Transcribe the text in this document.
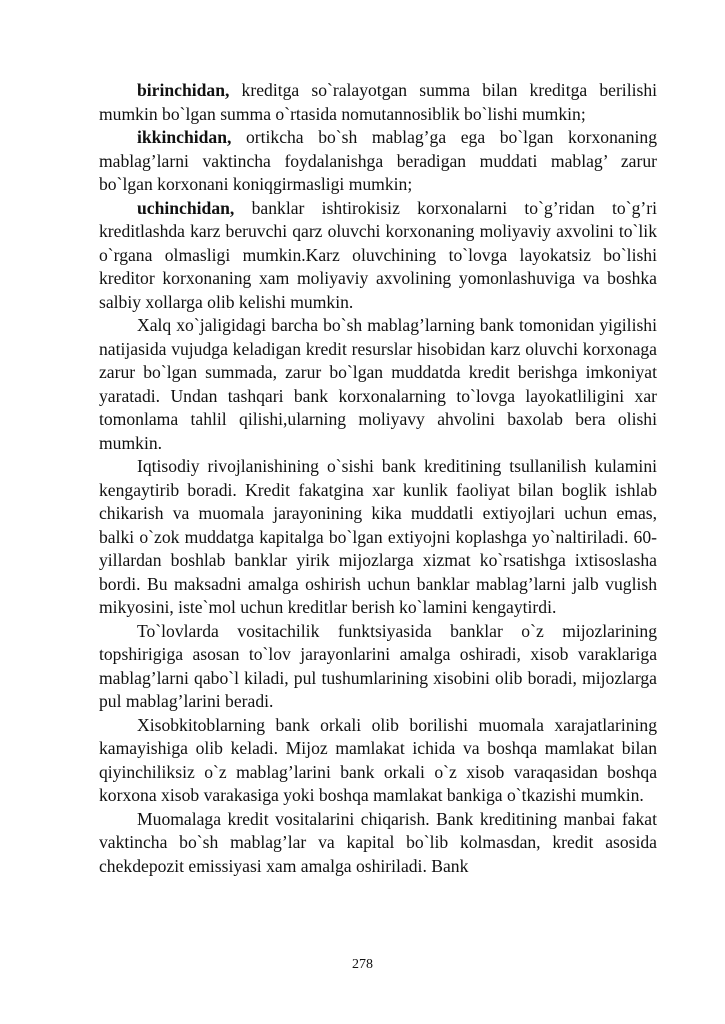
birinchidan, kreditga so`ralayotgan summa bilan kreditga berilishi mumkin bo`lgan summa o`rtasida nomutannosiblik bo`lishi mumkin;

ikkinchidan, ortikcha bo`sh mablag’ga ega bo`lgan korxonaning mablag’larni vaktincha foydalanishga beradigan muddati mablag’ zarur bo`lgan korxonani koniqgirmasligi mumkin;

uchinchidan, banklar ishtirokisiz korxonalarni to`g’ridan to`g’ri kreditlashda karz beruvchi qarz oluvchi korxonaning moliyaviy axvolini to`lik o`rgana olmasligi mumkin.Karz oluvchining to`lovga layokatsiz bo`lishi kreditor korxonaning xam moliyaviy axvolining yomonlashuviga va boshka salbiy xollarga olib kelishi mumkin.

Xalq xo`jaligidagi barcha bo`sh mablag’larning bank tomonidan yigilishi natijasida vujudga keladigan kredit resurslar hisobidan karz oluvchi korxonaga zarur bo`lgan summada, zarur bo`lgan muddatda kredit berishga imkoniyat yaratadi. Undan tashqari bank korxonalarning to`lovga layokatliligini xar tomonlama tahlil qilishi,ularning moliyavy ahvolini baxolab bera olishi mumkin.

Iqtisodiy rivojlanishining o`sishi bank kreditining tsullanilish kulamini kengaytirib boradi. Kredit fakatgina xar kunlik faoliyat bilan boglik ishlab chikarish va muomala jarayonining kika muddatli extiyojlari uchun emas, balki o`zok muddatga kapitalga bo`lgan extiyojni koplashga yo`naltiriladi. 60-yillardan boshlab banklar yirik mijozlarga xizmat ko`rsatishga ixtisoslasha bordi. Bu maksadni amalga oshirish uchun banklar mablag’larni jalb vuglish mikyosini, iste`mol uchun kreditlar berish ko`lamini kengaytirdi.

To`lovlarda vositachilik funktsiyasida banklar o`z mijozlarining topshirigiga asosan to`lov jarayonlarini amalga oshiradi, xisob varaklariga mablag’larni qabo`l kiladi, pul tushumlarining xisobini olib boradi, mijozlarga pul mablag’larini beradi.

Xisobkitoblarning bank orkali olib borilishi muomala xarajatlarining kamayishiga olib keladi. Mijoz mamlakat ichida va boshqa mamlakat bilan qiyinchiliksiz o`z mablag’larini bank orkali o`z xisob varaqasidan boshqa korxona xisob varakasiga yoki boshqa mamlakat bankiga o`tkazishi mumkin.

Muomalaga kredit vositalarini chiqarish. Bank kreditining manbai fakat vaktincha bo`sh mablag’lar va kapital bo`lib kolmasdan, kredit asosida chekdepozit emissiyasi xam amalga oshiriladi. Bank

278
